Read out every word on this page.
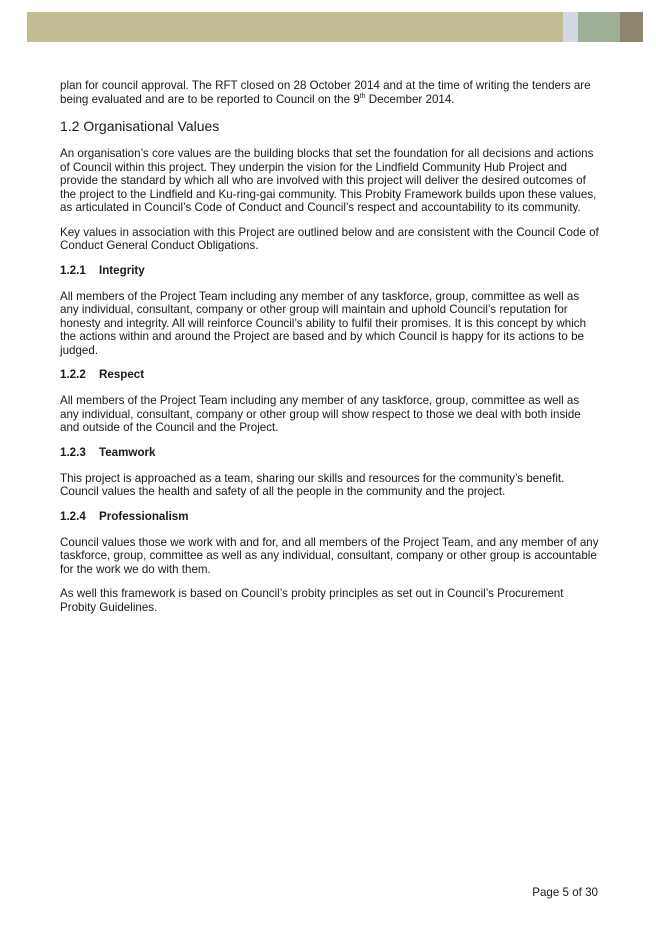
plan for council approval. The RFT closed on 28 October 2014 and at the time of writing the tenders are being evaluated and are to be reported to Council on the 9th December 2014.

1.2 Organisational Values

An organisation’s core values are the building blocks that set the foundation for all decisions and actions of Council within this project. They underpin the vision for the Lindfield Community Hub Project and provide the standard by which all who are involved with this project will deliver the desired outcomes of the project to the Lindfield and Ku-ring-gai community. This Probity Framework builds upon these values, as articulated in Council’s Code of Conduct and Council’s respect and accountability to its community.

Key values in association with this Project are outlined below and are consistent with the Council Code of Conduct General Conduct Obligations.

1.2.1 Integrity

All members of the Project Team including any member of any taskforce, group, committee as well as any individual, consultant, company or other group will maintain and uphold Council’s reputation for honesty and integrity. All will reinforce Council’s ability to fulfil their promises. It is this concept by which the actions within and around the Project are based and by which Council is happy for its actions to be judged.

1.2.2 Respect

All members of the Project Team including any member of any taskforce, group, committee as well as any individual, consultant, company or other group will show respect to those we deal with both inside and outside of the Council and the Project.

1.2.3 Teamwork

This project is approached as a team, sharing our skills and resources for the community’s benefit. Council values the health and safety of all the people in the community and the project.

1.2.4 Professionalism

Council values those we work with and for, and all members of the Project Team, and any member of any taskforce, group, committee as well as any individual, consultant, company or other group is accountable for the work we do with them.

As well this framework is based on Council’s probity principles as set out in Council’s Procurement Probity Guidelines.

Page 5 of 30
